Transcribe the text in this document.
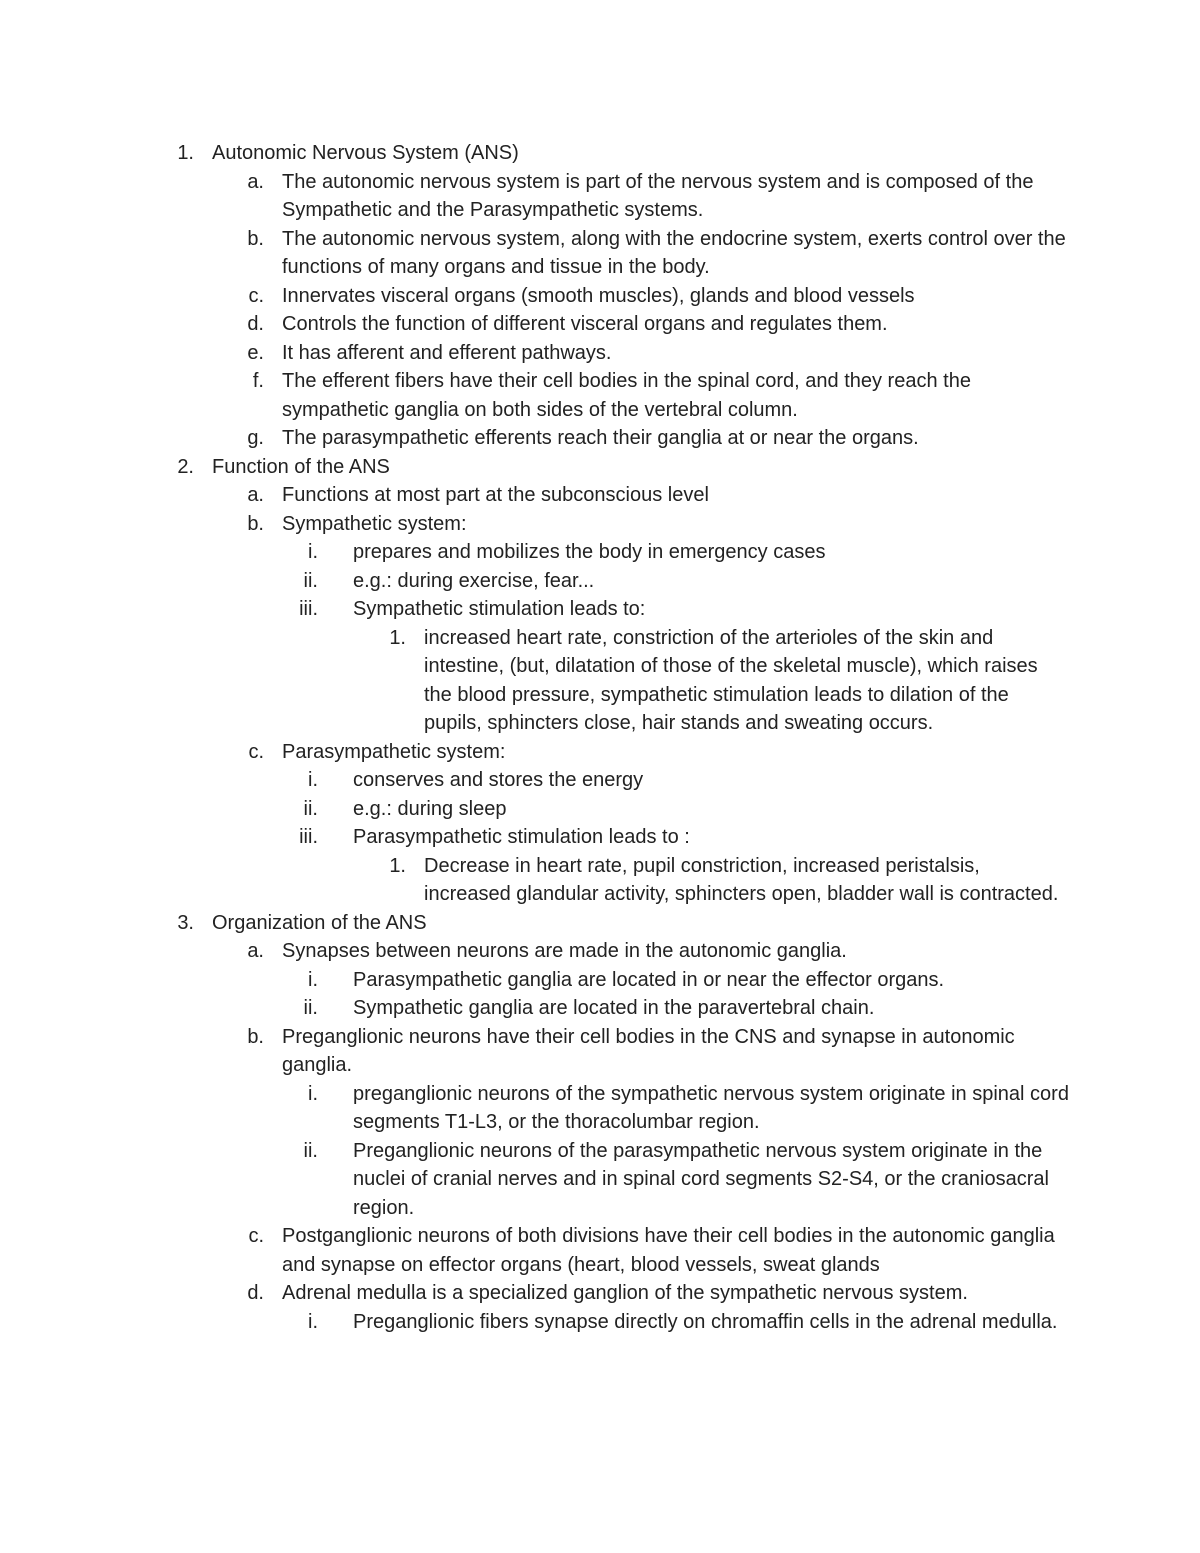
1. Autonomic Nervous System (ANS)
a. The autonomic nervous system is part of the nervous system and is composed of the Sympathetic and the Parasympathetic systems.
b. The autonomic nervous system, along with the endocrine system, exerts control over the functions of many organs and tissue in the body.
c. Innervates visceral organs (smooth muscles), glands and blood vessels
d. Controls the function of different visceral organs and regulates them.
e. It has afferent and efferent pathways.
f. The efferent fibers have their cell bodies in the spinal cord, and they reach the sympathetic ganglia on both sides of the vertebral column.
g. The parasympathetic efferents reach their ganglia at or near the organs.
2. Function of the ANS
a. Functions at most part at the subconscious level
b. Sympathetic system:
i. prepares and mobilizes the body in emergency cases
ii. e.g.: during exercise, fear...
iii. Sympathetic stimulation leads to:
1. increased heart rate, constriction of the arterioles of the skin and intestine, (but, dilatation of those of the skeletal muscle), which raises the blood pressure, sympathetic stimulation leads to dilation of the pupils, sphincters close, hair stands and sweating occurs.
c. Parasympathetic system:
i. conserves and stores the energy
ii. e.g.: during sleep
iii. Parasympathetic stimulation leads to :
1. Decrease in heart rate, pupil constriction, increased peristalsis, increased glandular activity, sphincters open, bladder wall is contracted.
3. Organization of the ANS
a. Synapses between neurons are made in the autonomic ganglia.
i. Parasympathetic ganglia are located in or near the effector organs.
ii. Sympathetic ganglia are located in the paravertebral chain.
b. Preganglionic neurons have their cell bodies in the CNS and synapse in autonomic ganglia.
i. preganglionic neurons of the sympathetic nervous system originate in spinal cord segments T1-L3, or the thoracolumbar region.
ii. Preganglionic neurons of the parasympathetic nervous system originate in the nuclei of cranial nerves and in spinal cord segments S2-S4, or the craniosacral region.
c. Postganglionic neurons of both divisions have their cell bodies in the autonomic ganglia and synapse on effector organs (heart, blood vessels, sweat glands
d. Adrenal medulla is a specialized ganglion of the sympathetic nervous system.
i. Preganglionic fibers synapse directly on chromaffin cells in the adrenal medulla.
